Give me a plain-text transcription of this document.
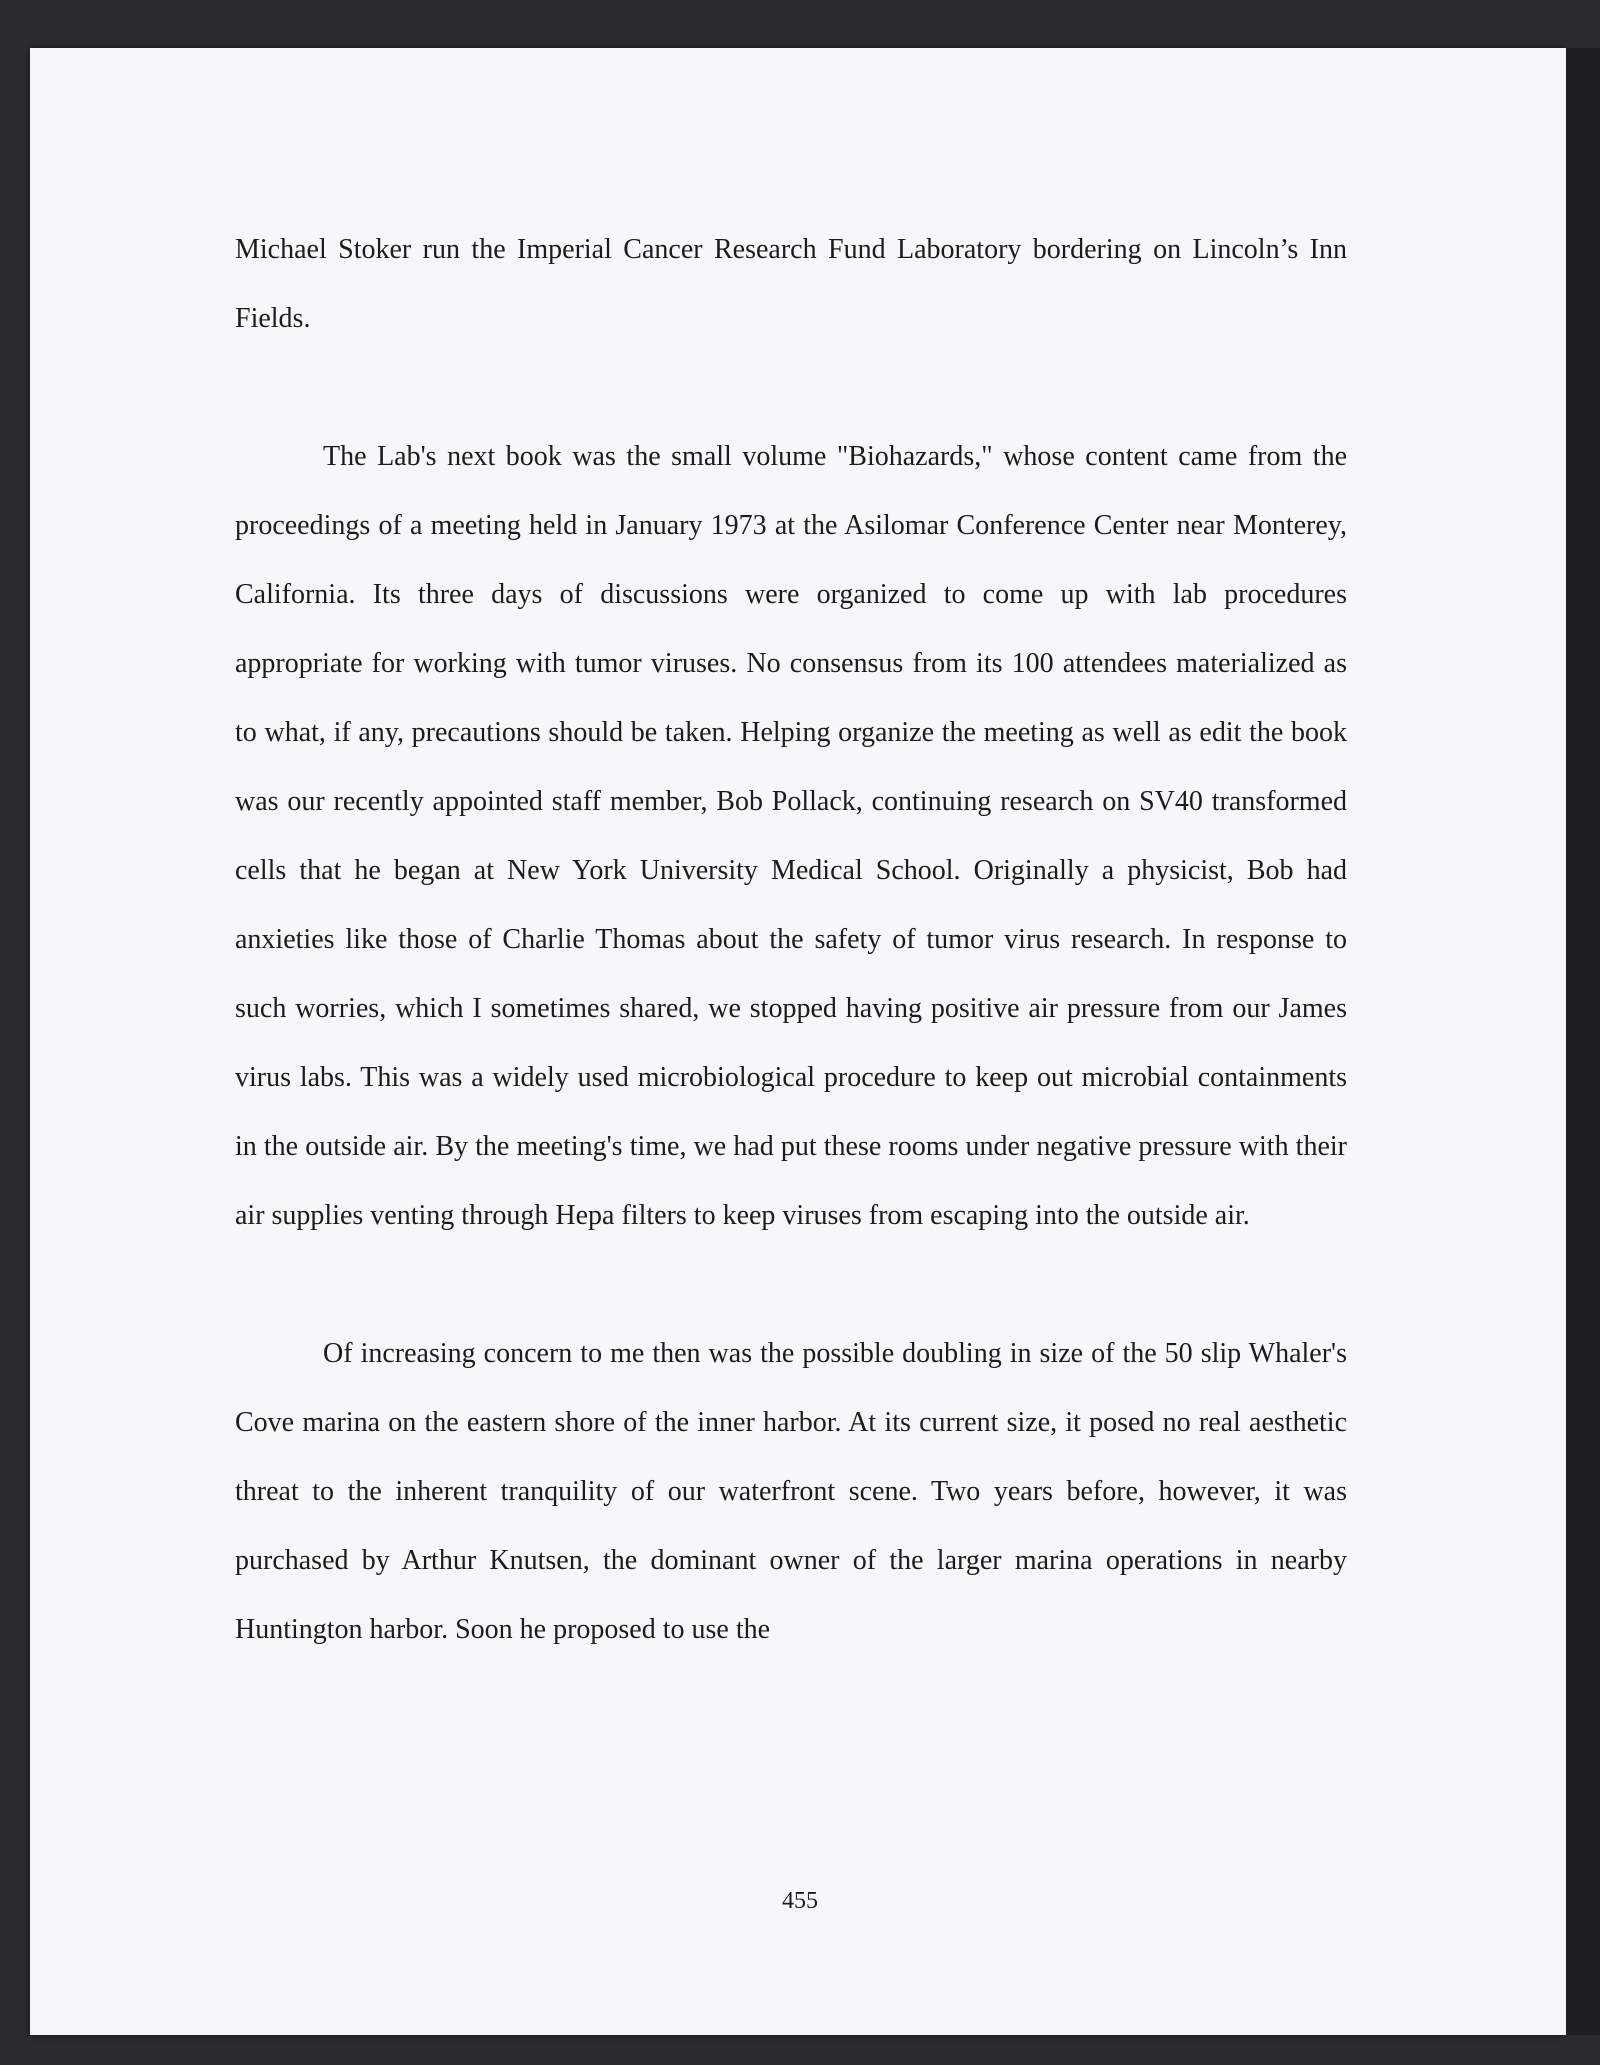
Michael Stoker run the Imperial Cancer Research Fund Laboratory bordering on Lincoln’s Inn Fields.

The Lab's next book was the small volume "Biohazards," whose content came from the proceedings of a meeting held in January 1973 at the Asilomar Conference Center near Monterey, California. Its three days of discussions were organized to come up with lab procedures appropriate for working with tumor viruses. No consensus from its 100 attendees materialized as to what, if any, precautions should be taken. Helping organize the meeting as well as edit the book was our recently appointed staff member, Bob Pollack, continuing research on SV40 transformed cells that he began at New York University Medical School. Originally a physicist, Bob had anxieties like those of Charlie Thomas about the safety of tumor virus research. In response to such worries, which I sometimes shared, we stopped having positive air pressure from our James virus labs. This was a widely used microbiological procedure to keep out microbial containments in the outside air. By the meeting's time, we had put these rooms under negative pressure with their air supplies venting through Hepa filters to keep viruses from escaping into the outside air.

Of increasing concern to me then was the possible doubling in size of the 50 slip Whaler's Cove marina on the eastern shore of the inner harbor. At its current size, it posed no real aesthetic threat to the inherent tranquility of our waterfront scene. Two years before, however, it was purchased by Arthur Knutsen, the dominant owner of the larger marina operations in nearby Huntington harbor. Soon he proposed to use the

455
